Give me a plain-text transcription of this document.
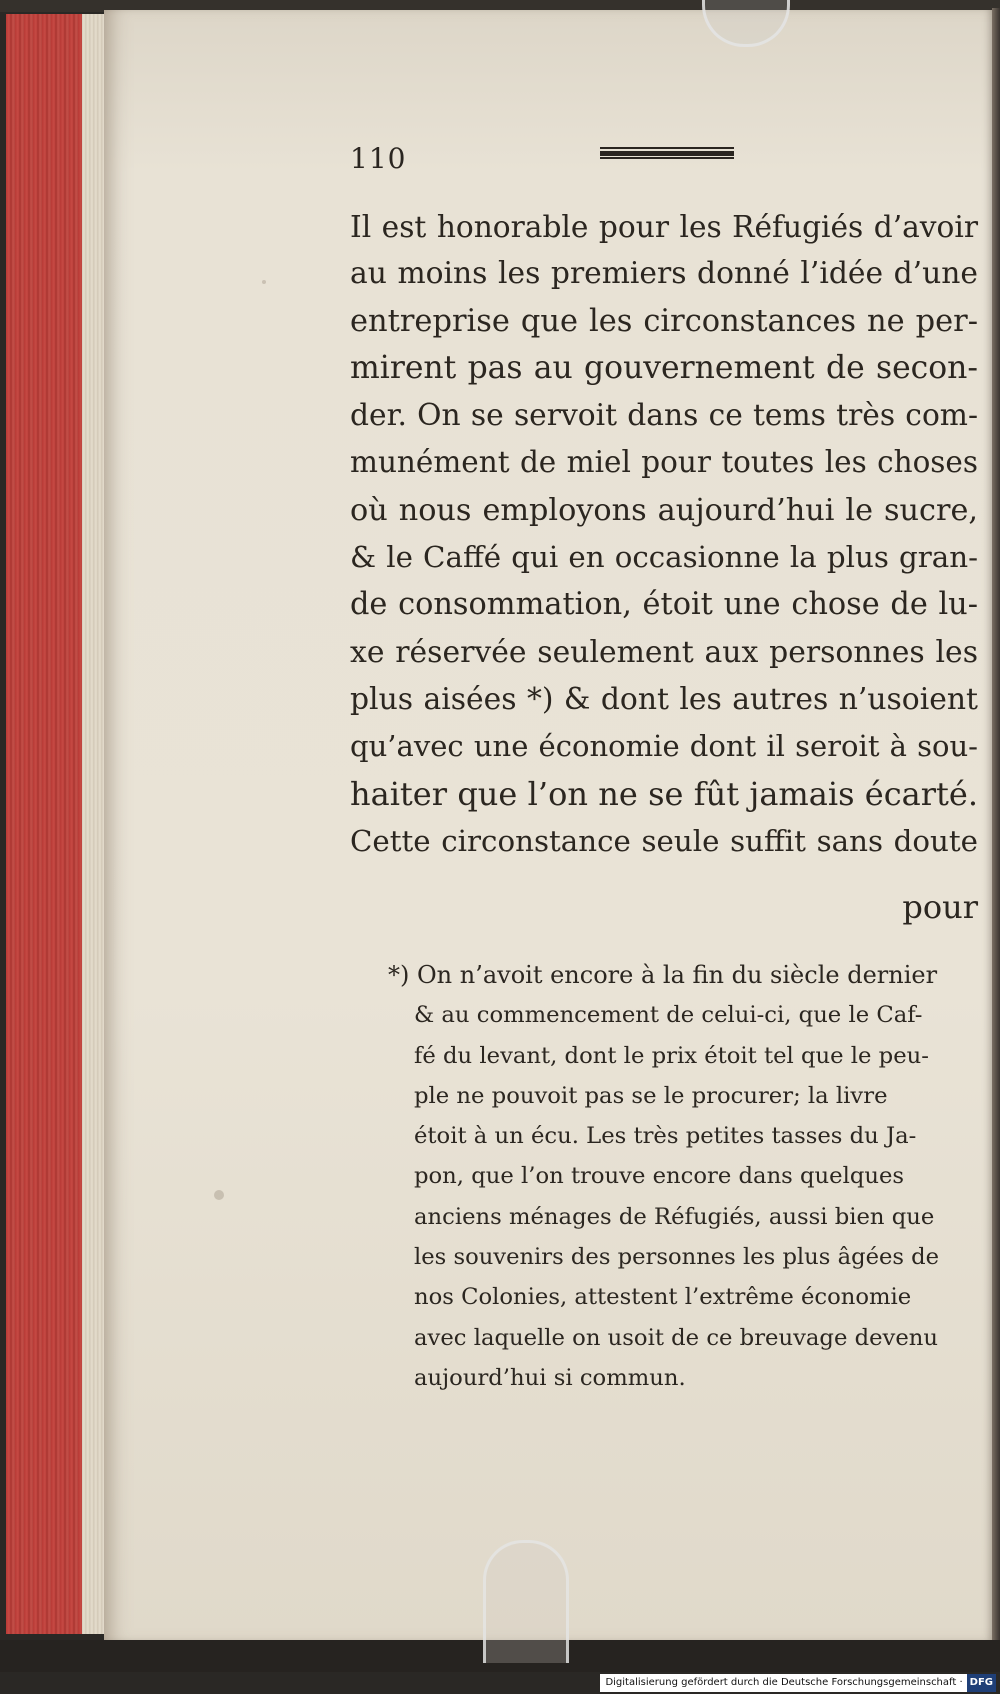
110
Il est honorable pour les Réfugiés d’avoir
au moins les premiers donné l’idée d’une
entreprise que les circonstances ne per-
mirent pas au gouvernement de secon-
der. On se servoit dans ce tems très com-
munément de miel pour toutes les choses
où nous employons aujourd’hui le sucre,
& le Caffé qui en occasionne la plus gran-
de consommation, étoit une chose de lu-
xe réservée seulement aux personnes les
plus aisées *) & dont les autres n’usoient
qu’avec une économie dont il seroit à sou-
haiter que l’on ne se fût jamais écarté.
Cette circonstance seule suffit sans doute
pour
*) On n’avoit encore à la fin du siècle dernier
& au commencement de celui-ci, que le Caf-
fé du levant, dont le prix étoit tel que le peu-
ple ne pouvoit pas se le procurer; la livre
étoit à un écu. Les très petites tasses du Ja-
pon, que l’on trouve encore dans quelques
anciens ménages de Réfugiés, aussi bien que
les souvenirs des personnes les plus âgées de
nos Colonies, attestent l’extrême économie
avec laquelle on usoit de ce breuvage devenu
aujourd’hui si commun.
Digitalisierung gefördert durch die Deutsche Forschungsgemeinschaft · DFG
